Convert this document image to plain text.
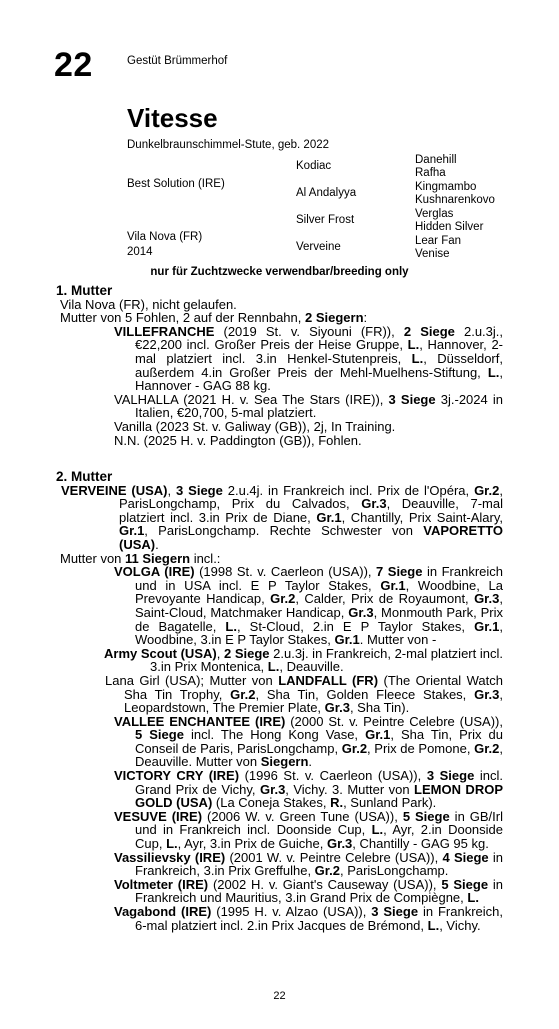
22	Gestüt Brümmerhof
Vitesse
Dunkelbraunschimmel-Stute, geb. 2022
Best Solution (IRE)
Vila Nova (FR)
2014
Kodiac
Al Andalyya
Silver Frost
Verveine
Danehill
Rafha
Kingmambo
Kushnarenkovo
Verglas
Hidden Silver
Lear Fan
Venise
nur für Zuchtzwecke verwendbar/breeding only
1. Mutter

Vila Nova (FR), nicht gelaufen.

Mutter von 5 Fohlen, 2 auf der Rennbahn, 2 Siegern:

VILLEFRANCHE (2019 St. v. Siyouni (FR)), 2 Siege 2.u.3j., €22,200 incl. Großer Preis der Heise Gruppe, L., Hannover, 2-mal platziert incl. 3.in Henkel-Stutenpreis, L., Düsseldorf, außerdem 4.in Großer Preis der Mehl-Muelhens-Stiftung, L., Hannover - GAG 88 kg.

VALHALLA (2021 H. v. Sea The Stars (IRE)), 3 Siege 3j.-2024 in Italien, €20,700, 5-mal platziert.

Vanilla (2023 St. v. Galiway (GB)), 2j, In Training.

N.N. (2025 H. v. Paddington (GB)), Fohlen.

2. Mutter

VERVEINE (USA), 3 Siege 2.u.4j. in Frankreich incl. Prix de l'Opéra, Gr.2, ParisLongchamp, Prix du Calvados, Gr.3, Deauville, 7-mal platziert incl. 3.in Prix de Diane, Gr.1, Chantilly, Prix Saint-Alary, Gr.1, ParisLongchamp. Rechte Schwester von VAPORETTO (USA).

Mutter von 11 Siegern incl.:

VOLGA (IRE) (1998 St. v. Caerleon (USA)), 7 Siege in Frankreich und in USA incl. E P Taylor Stakes, Gr.1, Woodbine, La Prevoyante Handicap, Gr.2, Calder, Prix de Royaumont, Gr.3, Saint-Cloud, Matchmaker Handicap, Gr.3, Monmouth Park, Prix de Bagatelle, L., St-Cloud, 2.in E P Taylor Stakes, Gr.1, Woodbine, 3.in E P Taylor Stakes, Gr.1. Mutter von -

Army Scout (USA), 2 Siege 2.u.3j. in Frankreich, 2-mal platziert incl. 3.in Prix Montenica, L., Deauville.

Lana Girl (USA); Mutter von LANDFALL (FR) (The Oriental Watch Sha Tin Trophy, Gr.2, Sha Tin, Golden Fleece Stakes, Gr.3, Leopardstown, The Premier Plate, Gr.3, Sha Tin).

VALLEE ENCHANTEE (IRE) (2000 St. v. Peintre Celebre (USA)), 5 Siege incl. The Hong Kong Vase, Gr.1, Sha Tin, Prix du Conseil de Paris, ParisLongchamp, Gr.2, Prix de Pomone, Gr.2, Deauville. Mutter von Siegern.

VICTORY CRY (IRE) (1996 St. v. Caerleon (USA)), 3 Siege incl. Grand Prix de Vichy, Gr.3, Vichy. 3. Mutter von LEMON DROP GOLD (USA) (La Coneja Stakes, R., Sunland Park).

VESUVE (IRE) (2006 W. v. Green Tune (USA)), 5 Siege in GB/Irl und in Frankreich incl. Doonside Cup, L., Ayr, 2.in Doonside Cup, L., Ayr, 3.in Prix de Guiche, Gr.3, Chantilly - GAG 95 kg.

Vassilievsky (IRE) (2001 W. v. Peintre Celebre (USA)), 4 Siege in Frankreich, 3.in Prix Greffulhe, Gr.2, ParisLongchamp.

Voltmeter (IRE) (2002 H. v. Giant's Causeway (USA)), 5 Siege in Frankreich und Mauritius, 3.in Grand Prix de Compiègne, L.

Vagabond (IRE) (1995 H. v. Alzao (USA)), 3 Siege in Frankreich, 6-mal platziert incl. 2.in Prix Jacques de Brémond, L., Vichy.

22
